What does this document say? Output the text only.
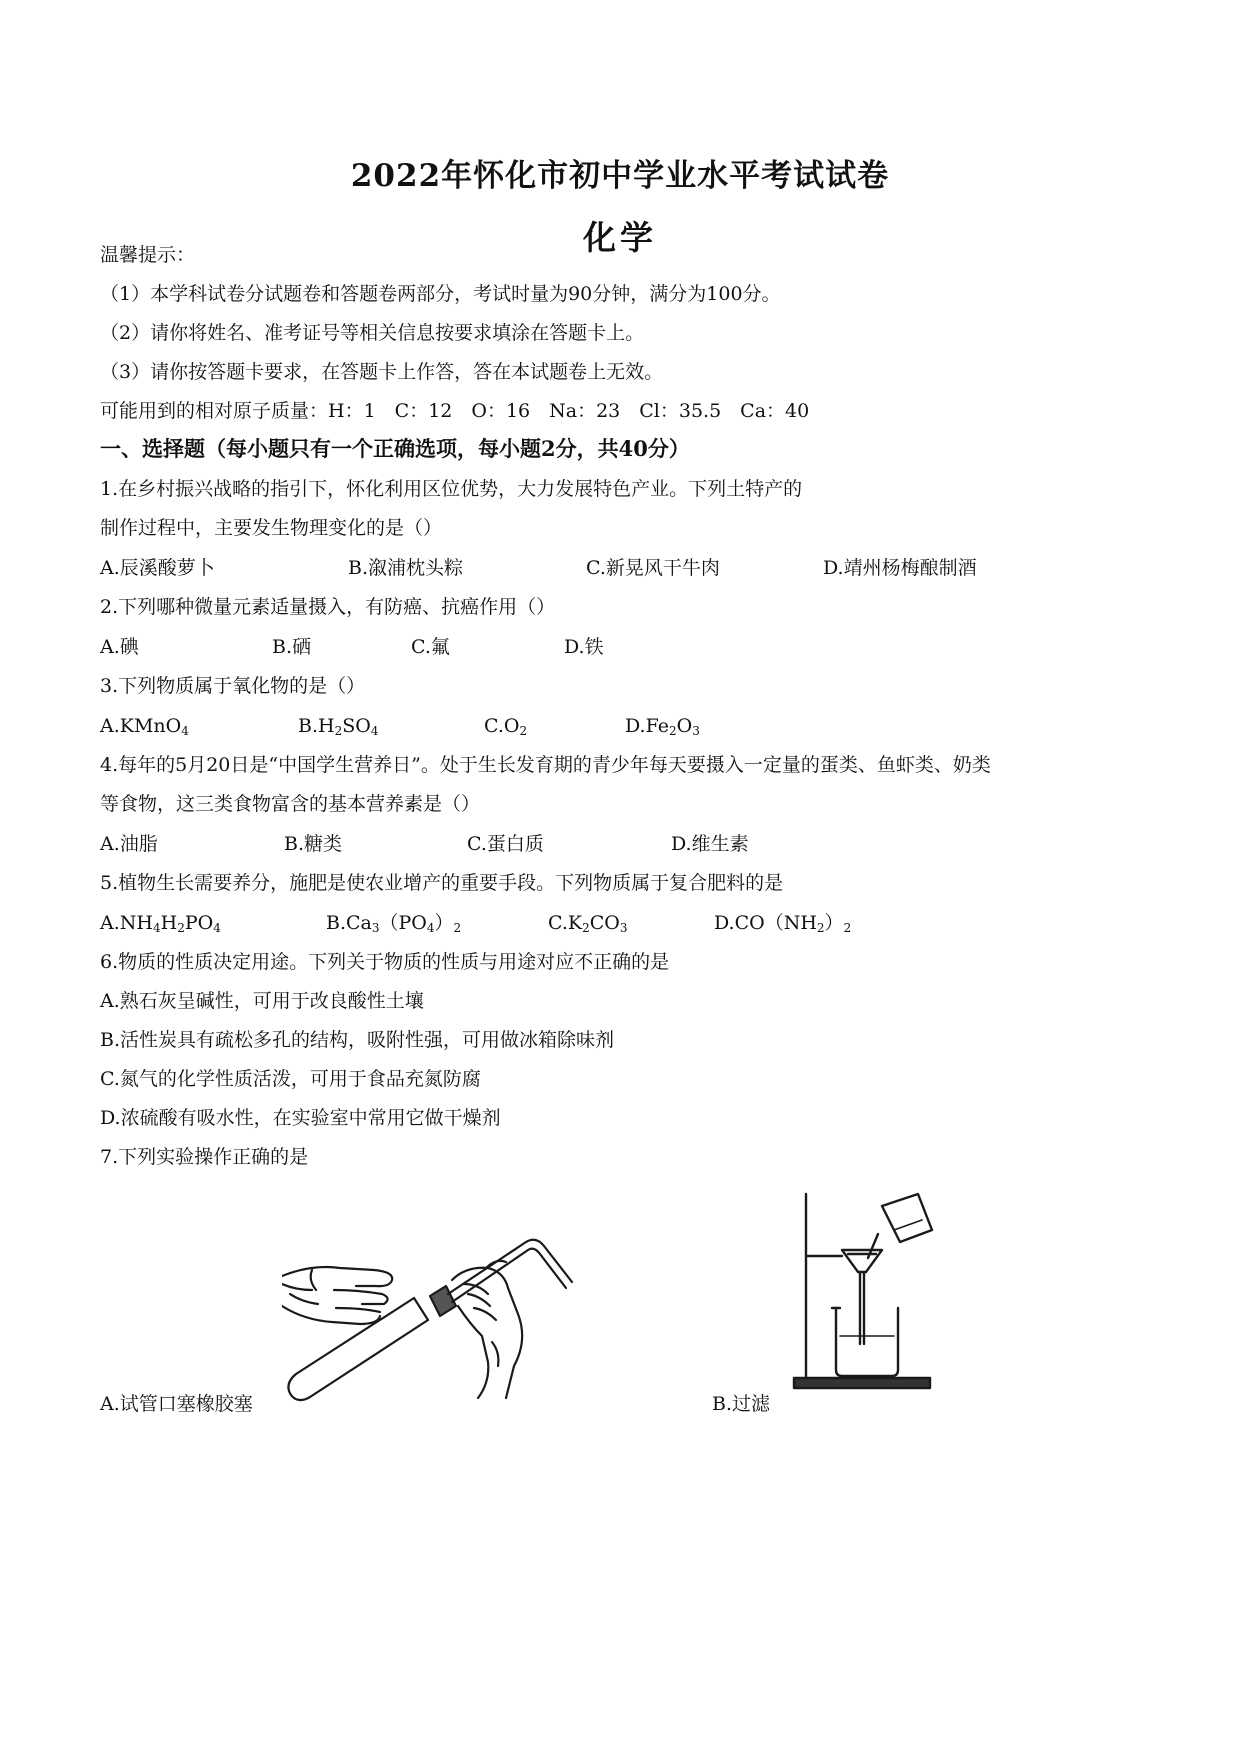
2022年怀化市初中学业水平考试试卷
化学
温馨提示：
（1）本学科试卷分试题卷和答题卷两部分，考试时量为90分钟，满分为100分。
（2）请你将姓名、准考证号等相关信息按要求填涂在答题卡上。
（3）请你按答题卡要求，在答题卡上作答，答在本试题卷上无效。
可能用到的相对原子质量：H：1　C：12　O：16　Na：23　Cl：35.5　Ca：40
一、选择题（每小题只有一个正确选项，每小题2分，共40分）
1.在乡村振兴战略的指引下，怀化利用区位优势，大力发展特色产业。下列土特产的
制作过程中，主要发生物理变化的是（）
A.辰溪酸萝卜	B.溆浦枕头粽	C.新晃风干牛肉	D.靖州杨梅酿制酒
2.下列哪种微量元素适量摄入，有防癌、抗癌作用（）
A.碘	B.硒	C.氟	D.铁
3.下列物质属于氧化物的是（）
A.KMnO$_4$	$B.H_2SO_4$	$C.O_2$	$D.Fe_2O_3$
4.每年的5月20日是“中国学生营养日”。处于生长发育期的青少年每天要摄入一定量的蛋类、鱼虾类、奶类
等食物，这三类食物富含的基本营养素是（）
A.油脂	B.糖类	C.蛋白质	D.维生素
5.植物生长需要养分，施肥是使农业增产的重要手段。下列物质属于复合肥料的是
$A.NH_4H_2PO_4$	$B.Ca_3(PO_4)_2$	$C.K_2CO_3$	$D.CO(NH_2)_2$
6.物质的性质决定用途。下列关于物质的性质与用途对应不正确的是
A.熟石灰呈碱性，可用于改良酸性土壤
B.活性炭具有疏松多孔的结构，吸附性强，可用做冰箱除味剂
C.氮气的化学性质活泼，可用于食品充氮防腐
D.浓硫酸有吸水性，在实验室中常用它做干燥剂
7.下列实验操作正确的是
A.试管口塞橡胶塞	B.过滤
